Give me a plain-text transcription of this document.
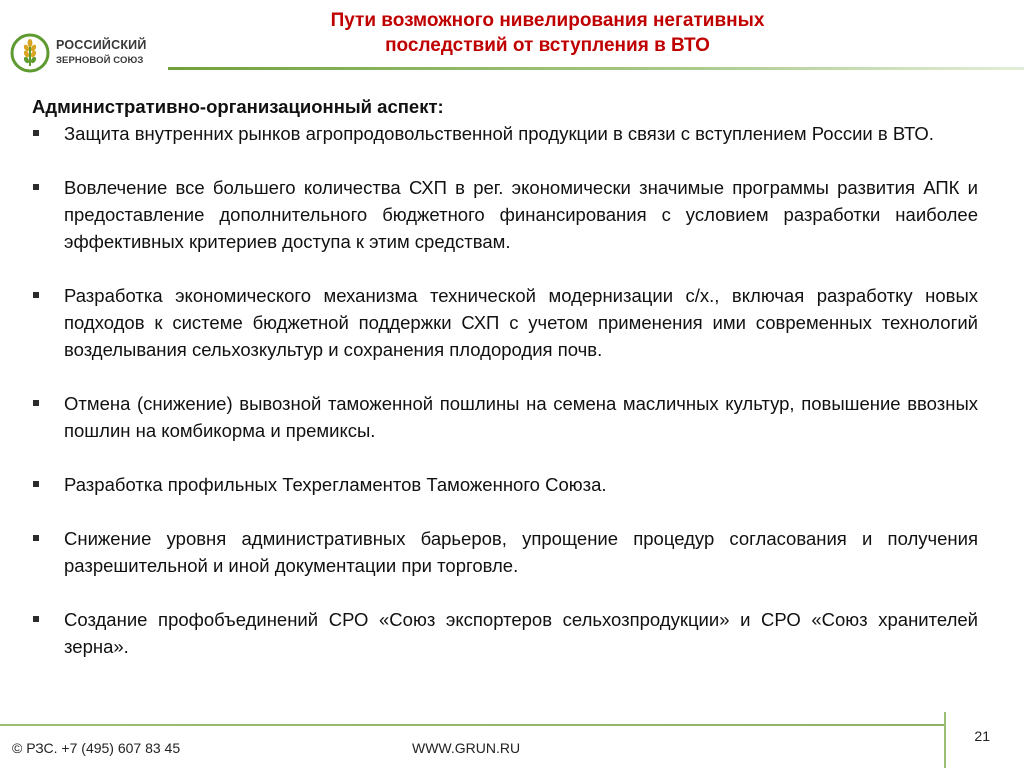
РОССИЙСКИЙ
ЗЕРНОВОЙ СОЮЗ
Пути возможного нивелирования негативных
последствий от вступления в ВТО

Административно-организационный аспект:

Защита внутренних рынков агропродовольственной продукции в связи с вступлением России в ВТО.
Вовлечение все большего количества СХП в рег. экономически значимые программы развития АПК и предоставление дополнительного бюджетного финансирования с условием разработки наиболее эффективных критериев доступа к этим средствам.
Разработка экономического механизма технической модернизации с/х., включая разработку новых подходов к системе бюджетной поддержки СХП с учетом применения ими современных технологий возделывания сельхозкультур и сохранения плодородия почв.
Отмена (снижение) вывозной таможенной пошлины на семена масличных культур, повышение ввозных пошлин на комбикорма и премиксы.
Разработка профильных Техрегламентов Таможенного Союза.
Снижение уровня административных барьеров, упрощение процедур согласования и получения разрешительной и иной документации при торговле.
Создание профобъединений СРО «Союз экспортеров сельхозпродукции» и СРО «Союз хранителей зерна».
21
© РЗС. +7 (495) 607 83 45	WWW.GRUN.RU
